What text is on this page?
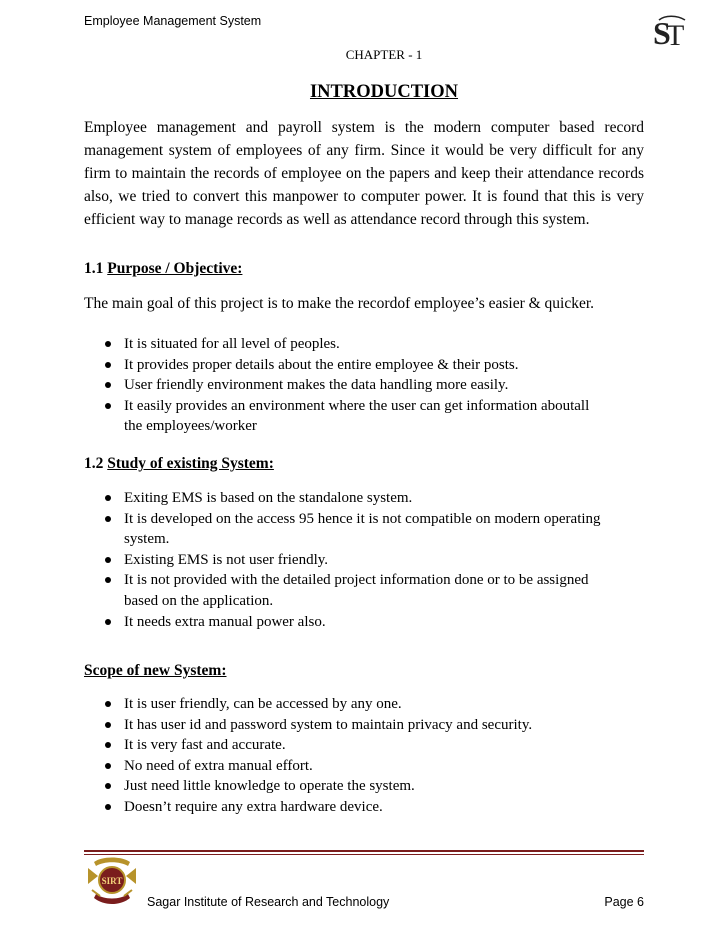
Employee Management System	S
T
CHAPTER - 1
INTRODUCTION
Employee management and payroll system is the modern computer based record management system of employees of any firm. Since it would be very difficult for any firm to maintain the records of employee on the papers and keep their attendance records also, we tried to convert this manpower to computer power. It is found that this is very efficient way to manage records as well as attendance record through this system.
1.1 Purpose / Objective:
The main goal of this project is to make the recordof employee’s easier & quicker.
It is situated for all level of peoples.
It provides proper details about the entire employee & their posts.
User friendly environment makes the data handling more easily.
It easily provides an environment where the user can get information aboutall the employees/worker
1.2 Study of existing System:
Exiting EMS is based on the standalone system.
It is developed on the access 95 hence it is not compatible on modern operating system.
Existing EMS is not user friendly.
It is not provided with the detailed project information done or to be assigned based on the application.
It needs extra manual power also.
Scope of new System:
It is user friendly, can be accessed by any one.
It has user id and password system to maintain privacy and security.
It is very fast and accurate.
No need of extra manual effort.
Just need little knowledge to operate the system.
Doesn’t require any extra hardware device.
SIRT
Sagar Institute of Research and Technology	Page 6
